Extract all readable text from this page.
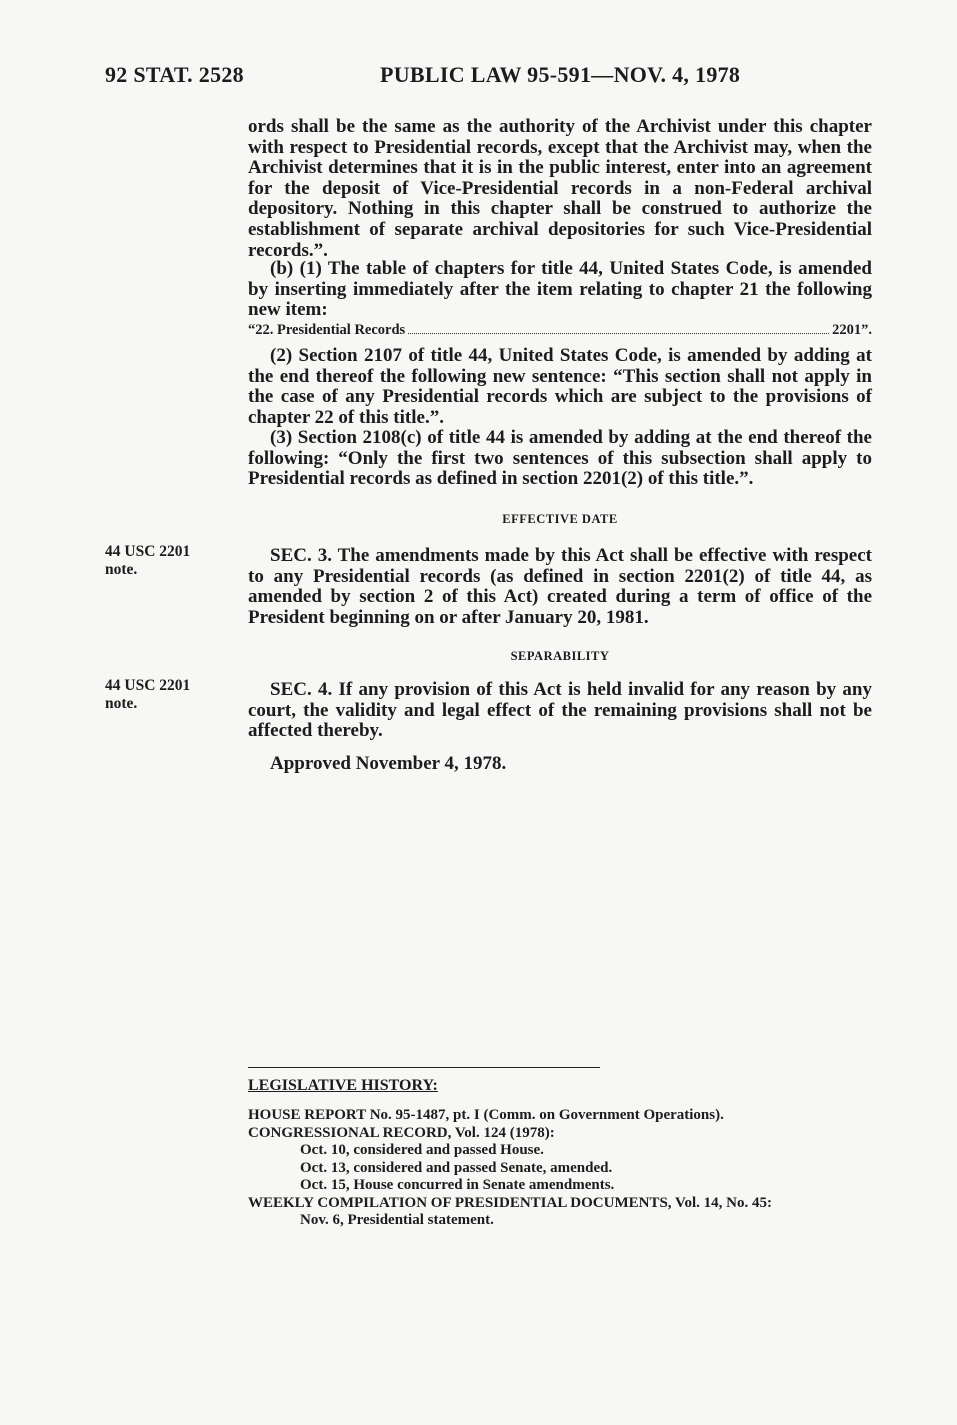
92 STAT. 2528	PUBLIC LAW 95-591—NOV. 4, 1978

ords shall be the same as the authority of the Archivist under this chapter with respect to Presidential records, except that the Archivist may, when the Archivist determines that it is in the public interest, enter into an agreement for the deposit of Vice-Presidential records in a non-Federal archival depository. Nothing in this chapter shall be construed to authorize the establishment of separate archival depositories for such Vice-Presidential records.”.

(b) (1) The table of chapters for title 44, United States Code, is amended by inserting immediately after the item relating to chapter 21 the following new item:

“22. Presidential Records	2201”.

(2) Section 2107 of title 44, United States Code, is amended by adding at the end thereof the following new sentence: “This section shall not apply in the case of any Presidential records which are subject to the provisions of chapter 22 of this title.”.

(3) Section 2108(c) of title 44 is amended by adding at the end thereof the following: “Only the first two sentences of this subsection shall apply to Presidential records as defined in section 2201(2) of this title.”.

EFFECTIVE DATE
44 USC 2201
note.

SEC. 3. The amendments made by this Act shall be effective with respect to any Presidential records (as defined in section 2201(2) of title 44, as amended by section 2 of this Act) created during a term of office of the President beginning on or after January 20, 1981.

SEPARABILITY
44 USC 2201
note.

SEC. 4. If any provision of this Act is held invalid for any reason by any court, the validity and legal effect of the remaining provisions shall not be affected thereby.

Approved November 4, 1978.
LEGISLATIVE HISTORY:
HOUSE REPORT No. 95-1487, pt. I (Comm. on Government Operations).
CONGRESSIONAL RECORD, Vol. 124 (1978):
Oct. 10, considered and passed House.
Oct. 13, considered and passed Senate, amended.
Oct. 15, House concurred in Senate amendments.
WEEKLY COMPILATION OF PRESIDENTIAL DOCUMENTS, Vol. 14, No. 45:
Nov. 6, Presidential statement.
